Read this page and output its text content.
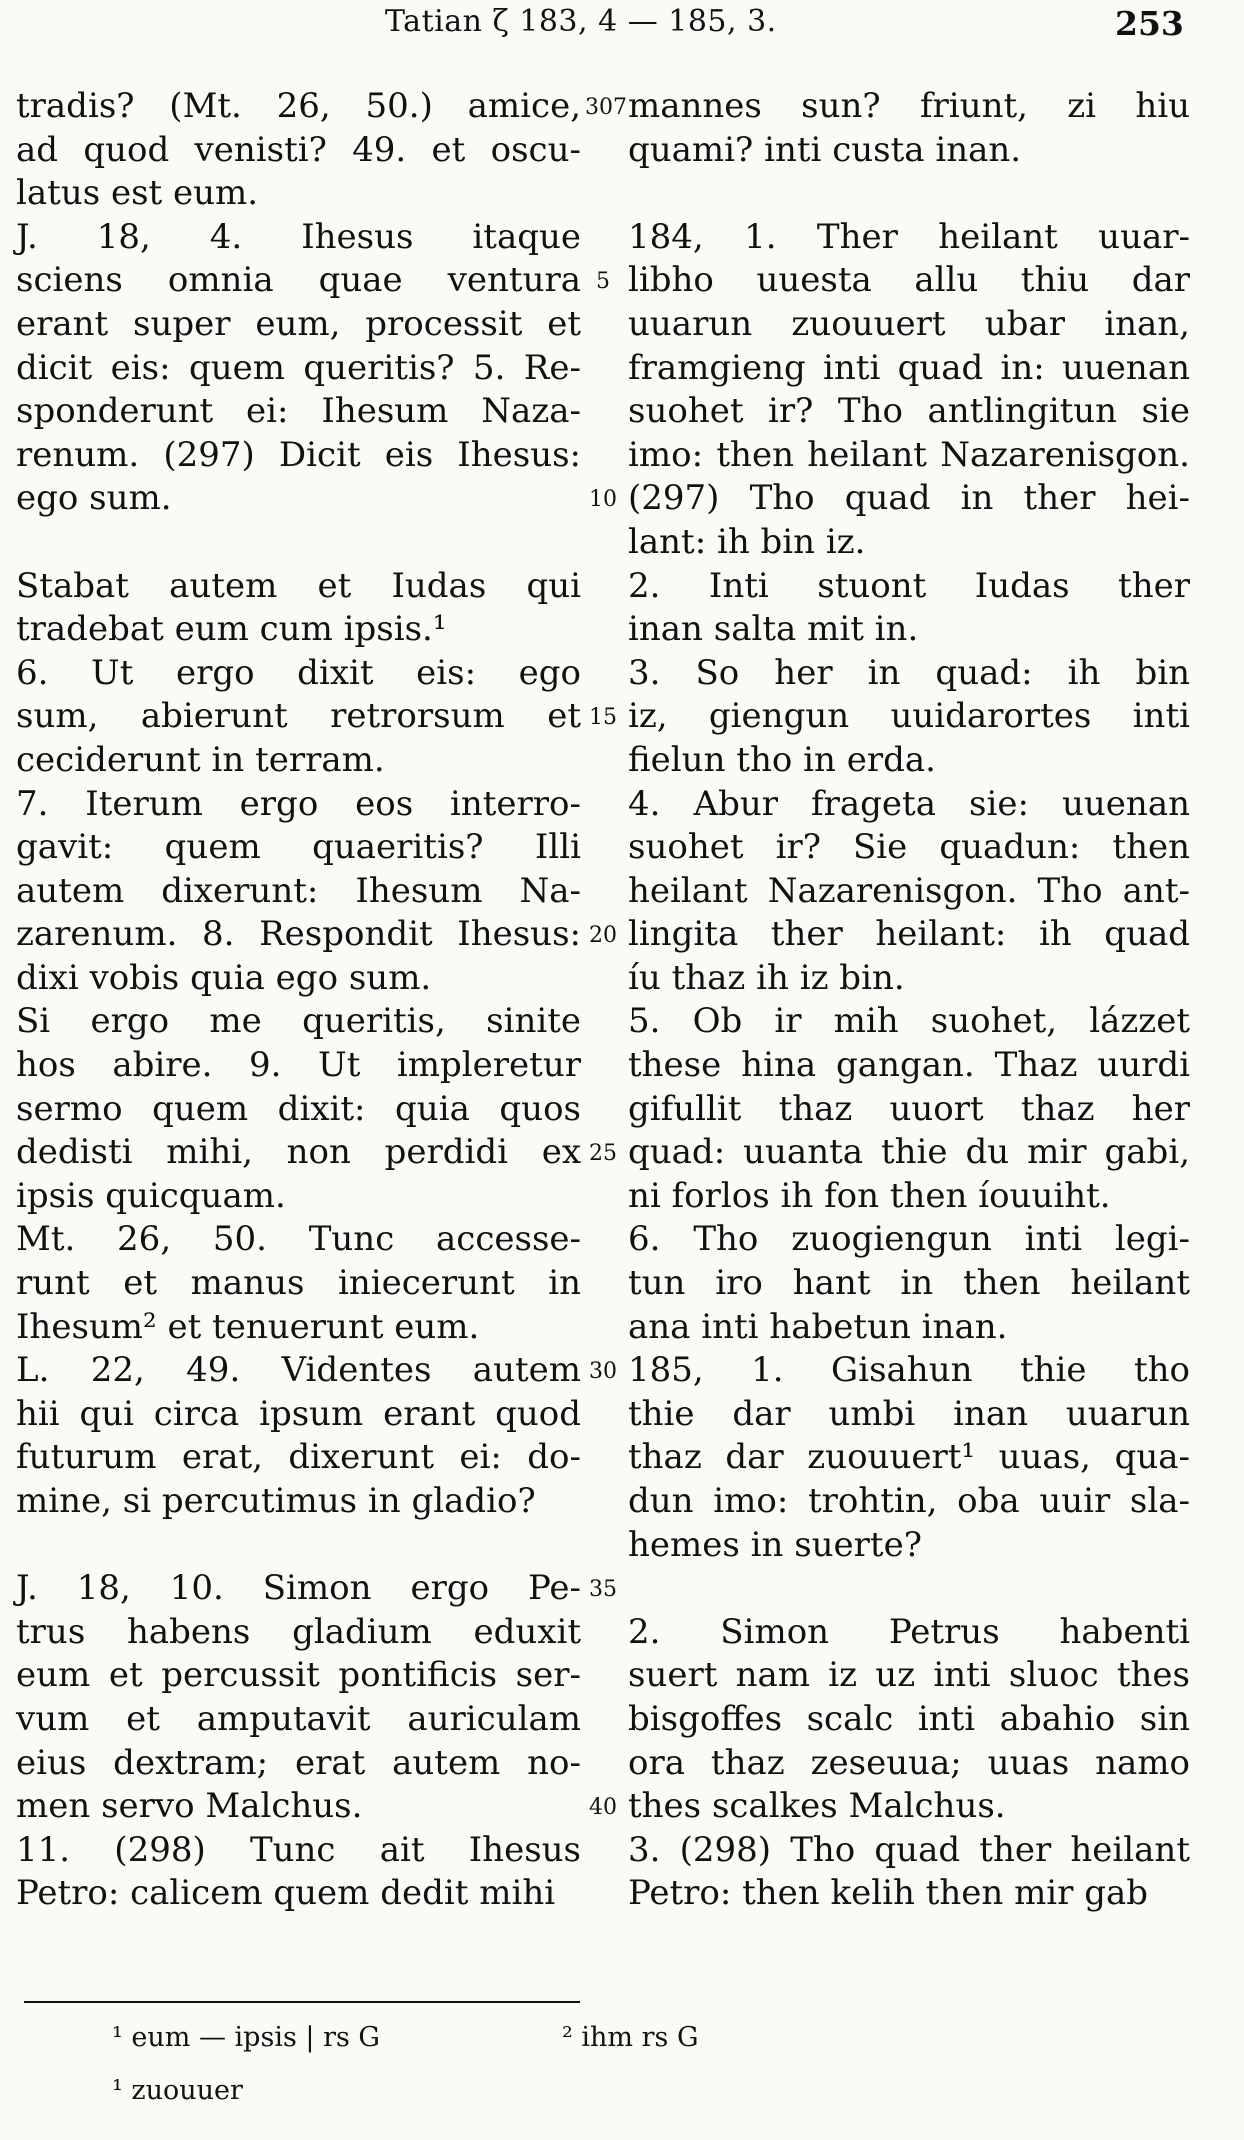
Tatian ζ 183, 4 — 185, 3.	253
tradis? (Mt. 26, 50.) amice,
ad quod venisti? 49. et oscu-
latus est eum.
J. 18, 4. Ihesus itaque
sciens omnia quae ventura
erant super eum, processit et
dicit eis: quem queritis? 5. Re-
sponderunt ei: Ihesum Naza-
renum. (297) Dicit eis Ihesus:
ego sum.
Stabat autem et Iudas qui
tradebat eum cum ipsis.¹
6. Ut ergo dixit eis: ego
sum, abierunt retrorsum et
ceciderunt in terram.
7. Iterum ergo eos interro-
gavit: quem quaeritis? Illi
autem dixerunt: Ihesum Na-
zarenum. 8. Respondit Ihesus:
dixi vobis quia ego sum.
Si ergo me queritis, sinite
hos abire. 9. Ut impleretur
sermo quem dixit: quia quos
dedisti mihi, non perdidi ex
ipsis quicquam.
Mt. 26, 50. Tunc accesse-
runt et manus iniecerunt in
Ihesum² et tenuerunt eum.
L. 22, 49. Videntes autem
hii qui circa ipsum erant quod
futurum erat, dixerunt ei: do-
mine, si percutimus in gladio?
J. 18, 10. Simon ergo Pe-
trus habens gladium eduxit
eum et percussit pontificis ser-
vum et amputavit auriculam
eius dextram; erat autem no-
men servo Malchus.
11. (298) Tunc ait Ihesus
Petro: calicem quem dedit mihi
307
5
10
15
20
25
30
35
40
mannes sun? friunt, zi hiu
quami? inti custa inan.
184, 1. Ther heilant uuar-
libho uuesta allu thiu dar
uuarun zuouuert ubar inan,
framgieng inti quad in: uuenan
suohet ir? Tho antlingitun sie
imo: then heilant Nazarenisgon.
(297) Tho quad in ther hei-
lant: ih bin iz.
2. Inti stuont Iudas ther
inan salta mit in.
3. So her in quad: ih bin
iz, giengun uuidarortes inti
fielun tho in erda.
4. Abur frageta sie: uuenan
suohet ir? Sie quadun: then
heilant Nazarenisgon. Tho ant-
lingita ther heilant: ih quad
íu thaz ih iz bin.
5. Ob ir mih suohet, lázzet
these hina gangan. Thaz uurdi
gifullit thaz uuort thaz her
quad: uuanta thie du mir gabi,
ni forlos ih fon then íouuiht.
6. Tho zuogiengun inti legi-
tun iro hant in then heilant
ana inti habetun inan.
185, 1. Gisahun thie tho
thie dar umbi inan uuarun
thaz dar zuouuert¹ uuas, qua-
dun imo: trohtin, oba uuir sla-
hemes in suerte?
2. Simon Petrus habenti
suert nam iz uz inti sluoc thes
bisgoffes scalc inti abahio sin
ora thaz zeseuua; uuas namo
thes scalkes Malchus.
3. (298) Tho quad ther heilant
Petro: then kelih then mir gab
¹ eum — ipsis | rs G	² ihm rs G
¹ zuouuer
